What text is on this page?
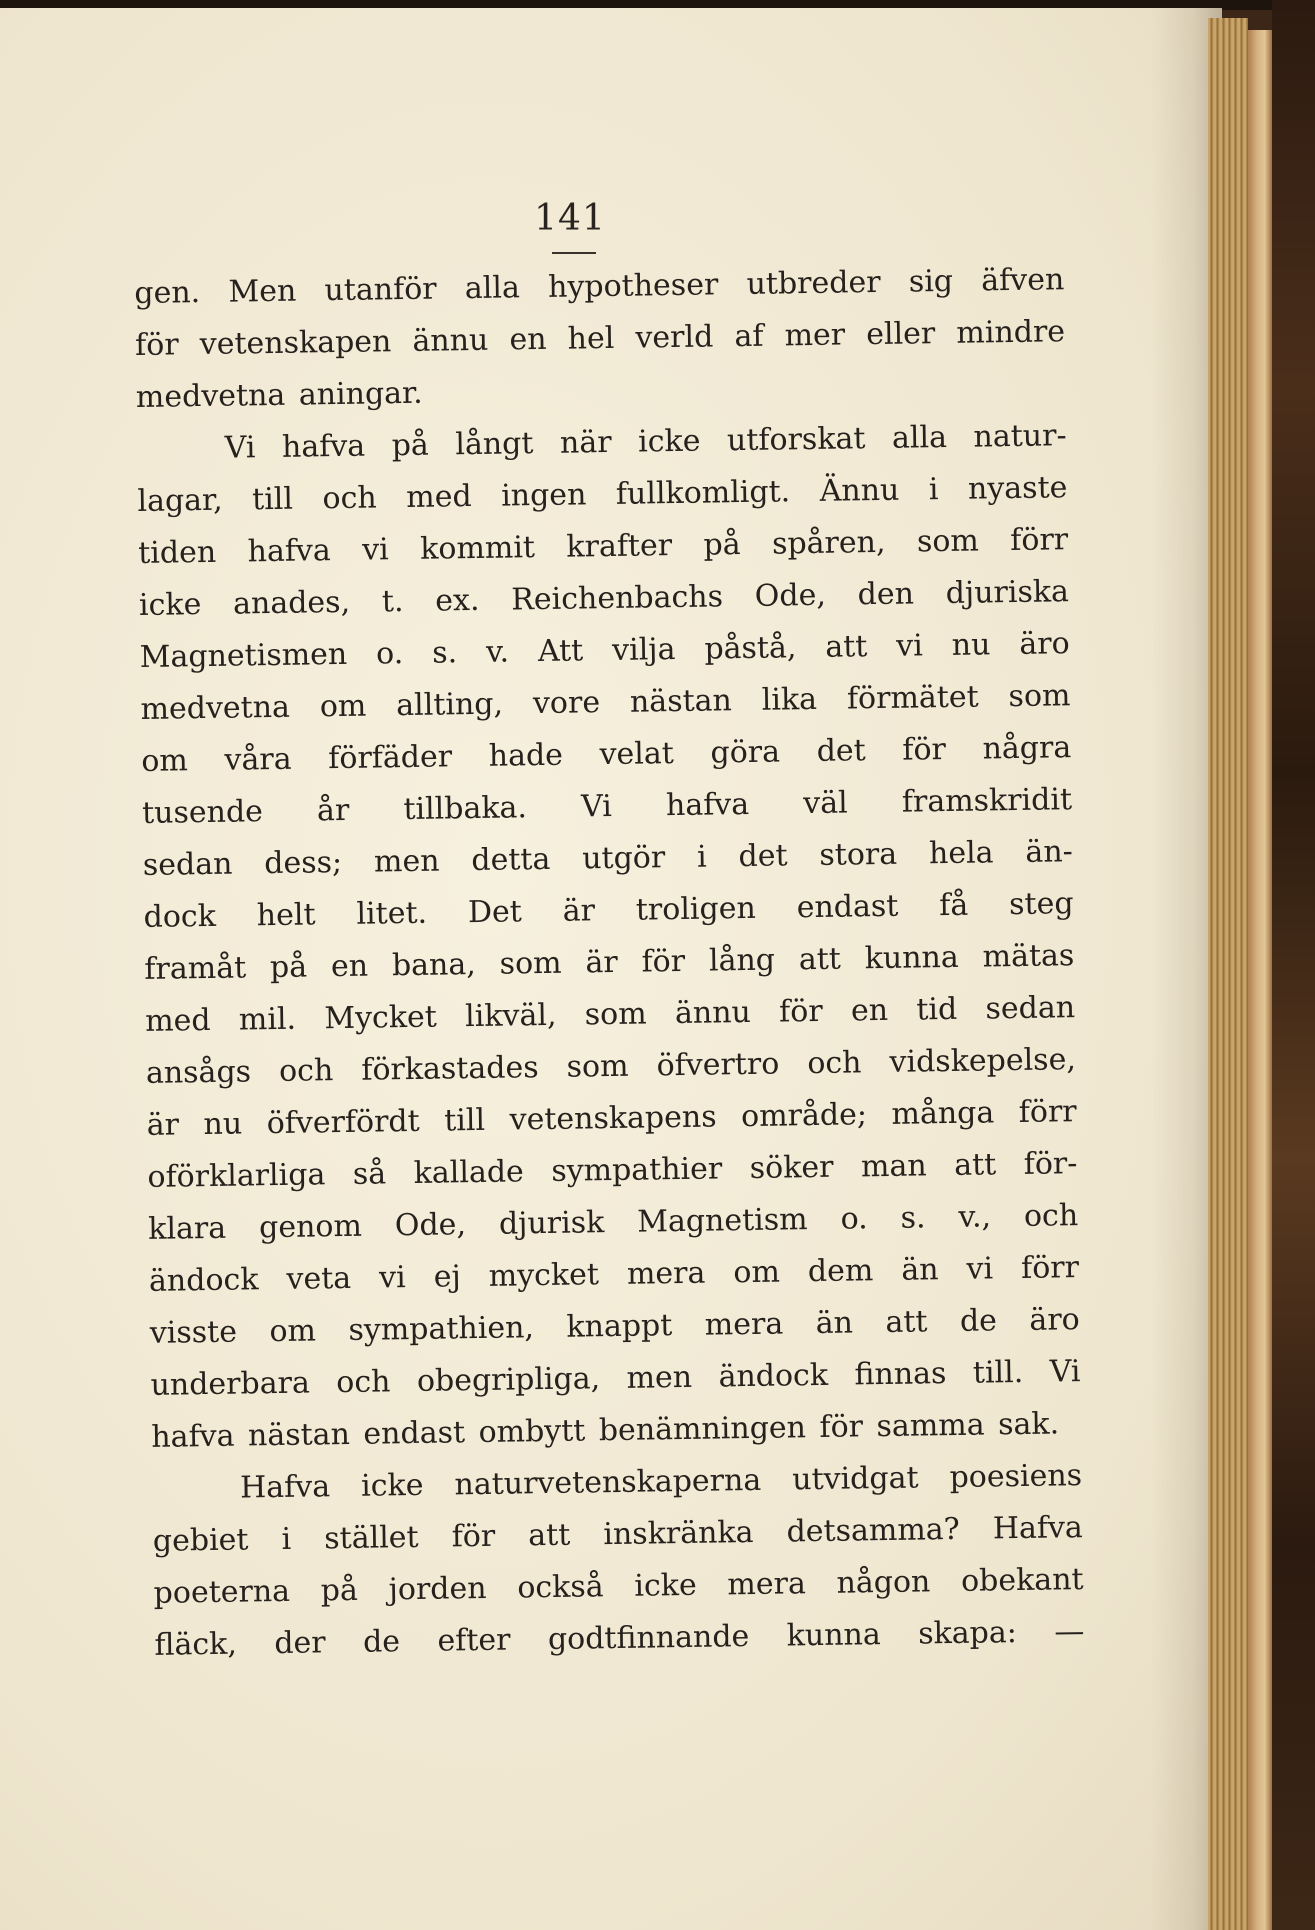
141
gen. Men utanför alla hypotheser utbreder sig äfven
för vetenskapen ännu en hel verld af mer eller mindre
medvetna aningar.
Vi hafva på långt när icke utforskat alla natur-
lagar, till och med ingen fullkomligt. Ännu i nyaste
tiden hafva vi kommit krafter på spåren, som förr
icke anades, t. ex. Reichenbachs Ode, den djuriska
Magnetismen o. s. v. Att vilja påstå, att vi nu äro
medvetna om allting, vore nästan lika förmätet som
om våra förfäder hade velat göra det för några
tusende år tillbaka. Vi hafva väl framskridit
sedan dess; men detta utgör i det stora hela än-
dock helt litet. Det är troligen endast få steg
framåt på en bana, som är för lång att kunna mätas
med mil. Mycket likväl, som ännu för en tid sedan
ansågs och förkastades som öfvertro och vidskepelse,
är nu öfverfördt till vetenskapens område; många förr
oförklarliga så kallade sympathier söker man att för-
klara genom Ode, djurisk Magnetism o. s. v., och
ändock veta vi ej mycket mera om dem än vi förr
visste om sympathien, knappt mera än att de äro
underbara och obegripliga, men ändock finnas till. Vi
hafva nästan endast ombytt benämningen för samma sak.
Hafva icke naturvetenskaperna utvidgat poesiens
gebiet i stället för att inskränka detsamma? Hafva
poeterna på jorden också icke mera någon obekant
fläck, der de efter godtfinnande kunna skapa: —
